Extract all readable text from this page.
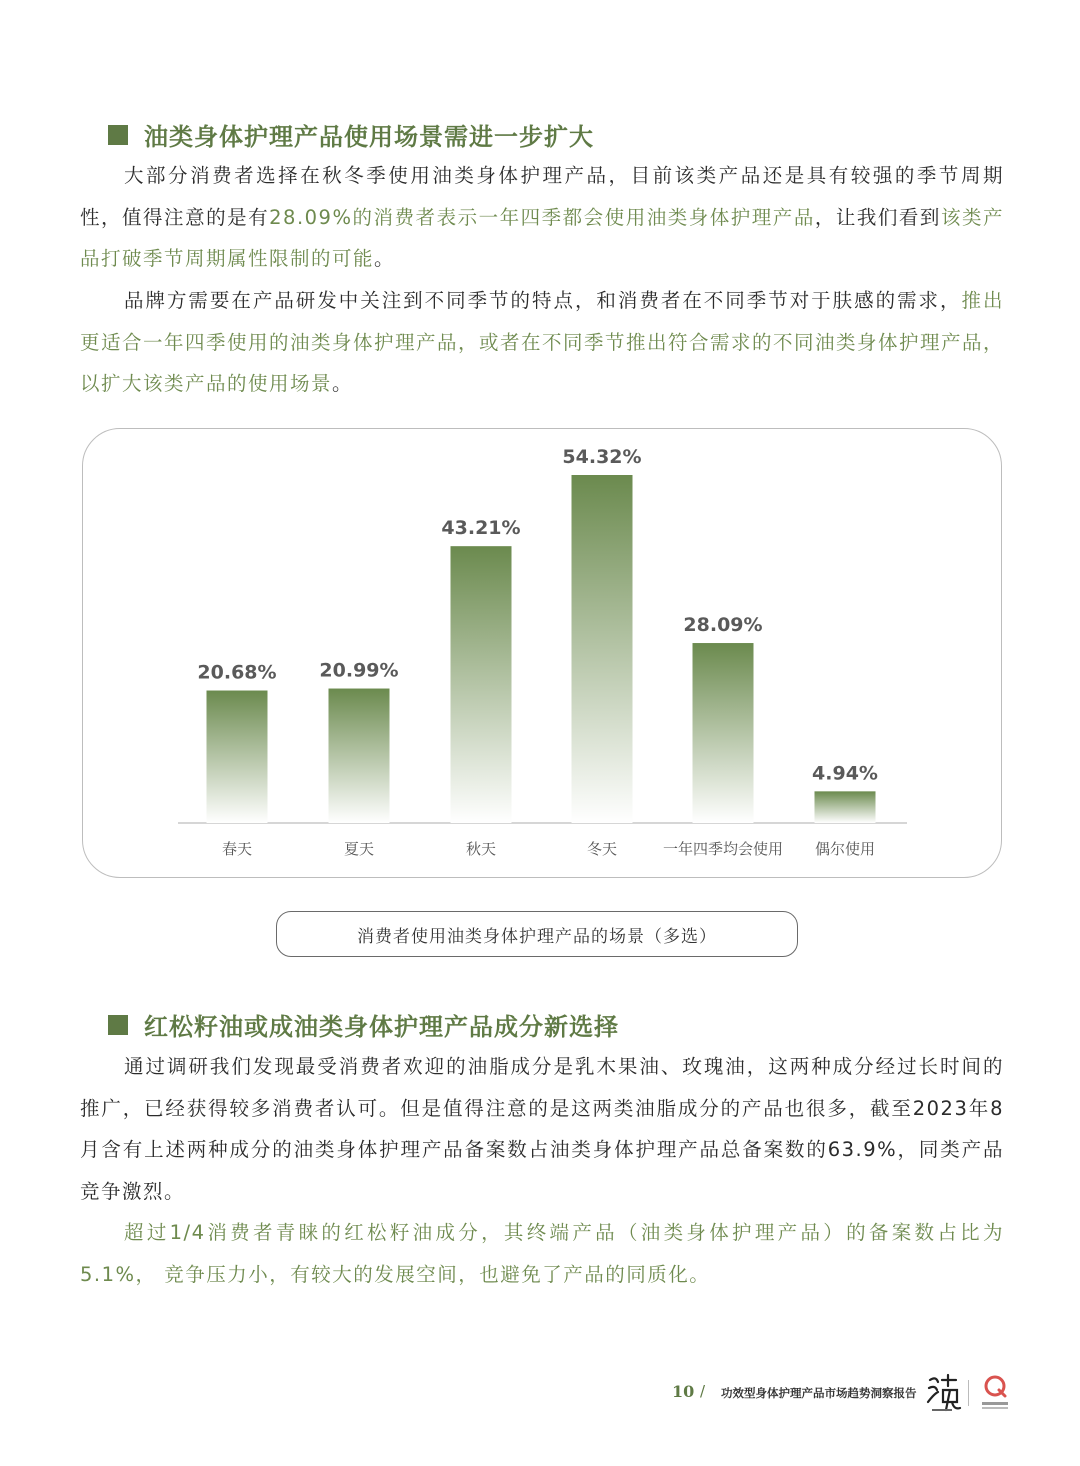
油类身体护理产品使用场景需进一步扩大

大部分消费者选择在秋冬季使用油类身体护理产品，目前该类产品还是具有较强的季节周期性，值得注意的是有28.09%的消费者表示一年四季都会使用油类身体护理产品，让我们看到该类产品打破季节周期属性限制的可能。

品牌方需要在产品研发中关注到不同季节的特点，和消费者在不同季节对于肤感的需求，推出更适合一年四季使用的油类身体护理产品，或者在不同季节推出符合需求的不同油类身体护理产品，以扩大该类产品的使用场景。

20.68%
春天
20.99%
夏天
43.21%
秋天
54.32%
冬天
28.09%
一年四季均会使用
4.94%
偶尔使用
消费者使用油类身体护理产品的场景（多选）
红松籽油或成油类身体护理产品成分新选择

通过调研我们发现最受消费者欢迎的油脂成分是乳木果油、玫瑰油，这两种成分经过长时间的推广，已经获得较多消费者认可。但是值得注意的是这两类油脂成分的产品也很多，截至2023年8月含有上述两种成分的油类身体护理产品备案数占油类身体护理产品总备案数的63.9%，同类产品竞争激烈。

超过1/4消费者青睐的红松籽油成分，其终端产品（油类身体护理产品）的备案数占比为5.1%， 竞争压力小，有较大的发展空间，也避免了产品的同质化。

10 / 功效型身体护理产品市场趋势洞察报告
